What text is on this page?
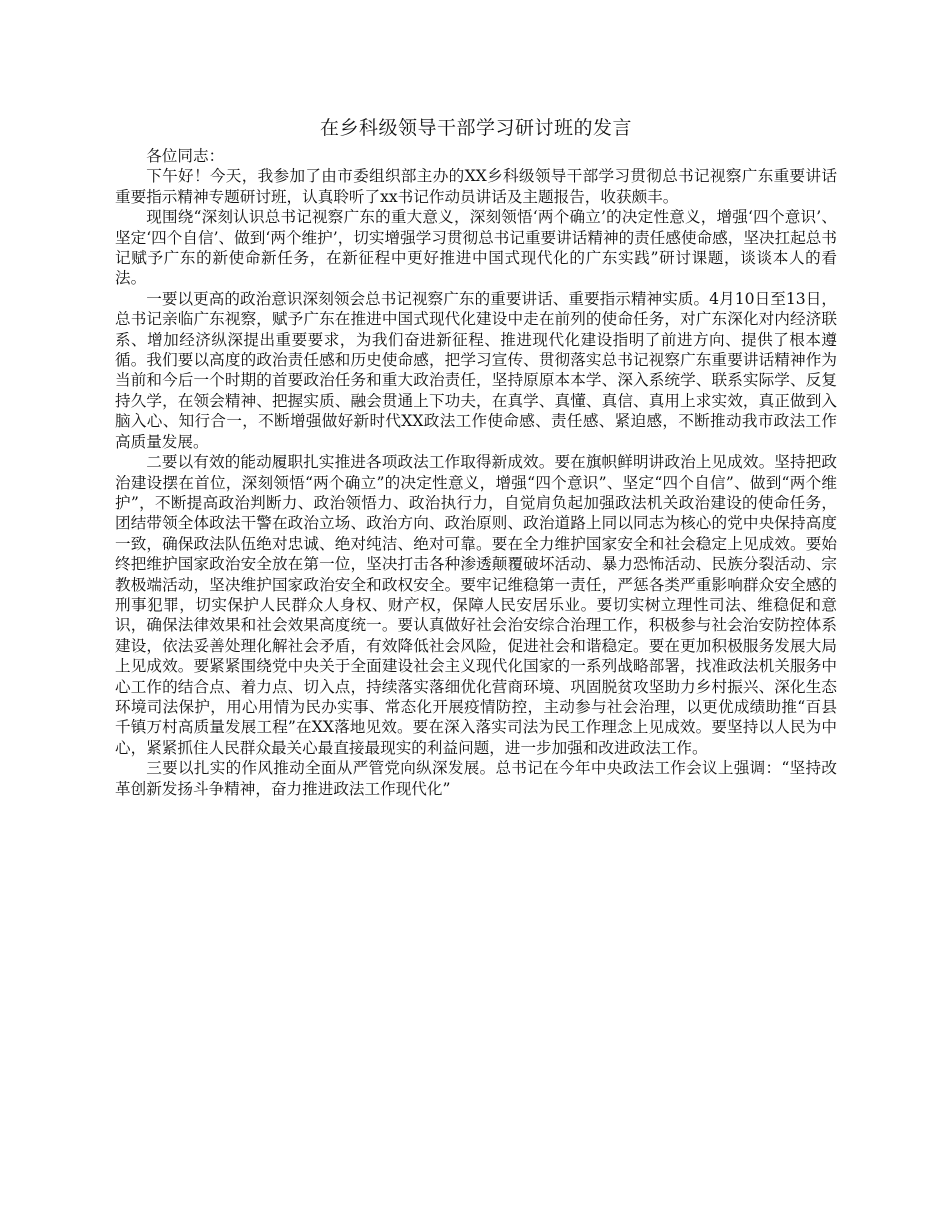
在乡科级领导干部学习研讨班的发言

各位同志：

下午好！今天，我参加了由市委组织部主办的XX乡科级领导干部学习贯彻总书记视察广东重要讲话重要指示精神专题研讨班，认真聆听了xx书记作动员讲话及主题报告，收获颇丰。

现围绕“深刻认识总书记视察广东的重大意义，深刻领悟‘两个确立’的决定性意义，增强‘四个意识’、坚定‘四个自信’、做到‘两个维护’，切实增强学习贯彻总书记重要讲话精神的责任感使命感，坚决扛起总书记赋予广东的新使命新任务，在新征程中更好推进中国式现代化的广东实践”研讨课题，谈谈本人的看法。

一要以更高的政治意识深刻领会总书记视察广东的重要讲话、重要指示精神实质。4月10日至13日，总书记亲临广东视察，赋予广东在推进中国式现代化建设中走在前列的使命任务，对广东深化对内经济联系、增加经济纵深提出重要要求，为我们奋进新征程、推进现代化建设指明了前进方向、提供了根本遵循。我们要以高度的政治责任感和历史使命感，把学习宣传、贯彻落实总书记视察广东重要讲话精神作为当前和今后一个时期的首要政治任务和重大政治责任，坚持原原本本学、深入系统学、联系实际学、反复持久学，在领会精神、把握实质、融会贯通上下功夫，在真学、真懂、真信、真用上求实效，真正做到入脑入心、知行合一，不断增强做好新时代XX政法工作使命感、责任感、紧迫感，不断推动我市政法工作高质量发展。

二要以有效的能动履职扎实推进各项政法工作取得新成效。要在旗帜鲜明讲政治上见成效。坚持把政治建设摆在首位，深刻领悟“两个确立”的决定性意义，增强“四个意识”、坚定“四个自信”、做到“两个维护”，不断提高政治判断力、政治领悟力、政治执行力，自觉肩负起加强政法机关政治建设的使命任务，团结带领全体政法干警在政治立场、政治方向、政治原则、政治道路上同以同志为核心的党中央保持高度一致，确保政法队伍绝对忠诚、绝对纯洁、绝对可靠。要在全力维护国家安全和社会稳定上见成效。要始终把维护国家政治安全放在第一位，坚决打击各种渗透颠覆破坏活动、暴力恐怖活动、民族分裂活动、宗教极端活动，坚决维护国家政治安全和政权安全。要牢记维稳第一责任，严惩各类严重影响群众安全感的刑事犯罪，切实保护人民群众人身权、财产权，保障人民安居乐业。要切实树立理性司法、维稳促和意识，确保法律效果和社会效果高度统一。要认真做好社会治安综合治理工作，积极参与社会治安防控体系建设，依法妥善处理化解社会矛盾，有效降低社会风险，促进社会和谐稳定。要在更加积极服务发展大局上见成效。要紧紧围绕党中央关于全面建设社会主义现代化国家的一系列战略部署，找准政法机关服务中心工作的结合点、着力点、切入点，持续落实落细优化营商环境、巩固脱贫攻坚助力乡村振兴、深化生态环境司法保护，用心用情为民办实事、常态化开展疫情防控，主动参与社会治理，以更优成绩助推“百县千镇万村高质量发展工程”在XX落地见效。要在深入落实司法为民工作理念上见成效。要坚持以人民为中心，紧紧抓住人民群众最关心最直接最现实的利益问题，进一步加强和改进政法工作。

三要以扎实的作风推动全面从严管党向纵深发展。总书记在今年中央政法工作会议上强调：“坚持改革创新发扬斗争精神，奋力推进政法工作现代化”
